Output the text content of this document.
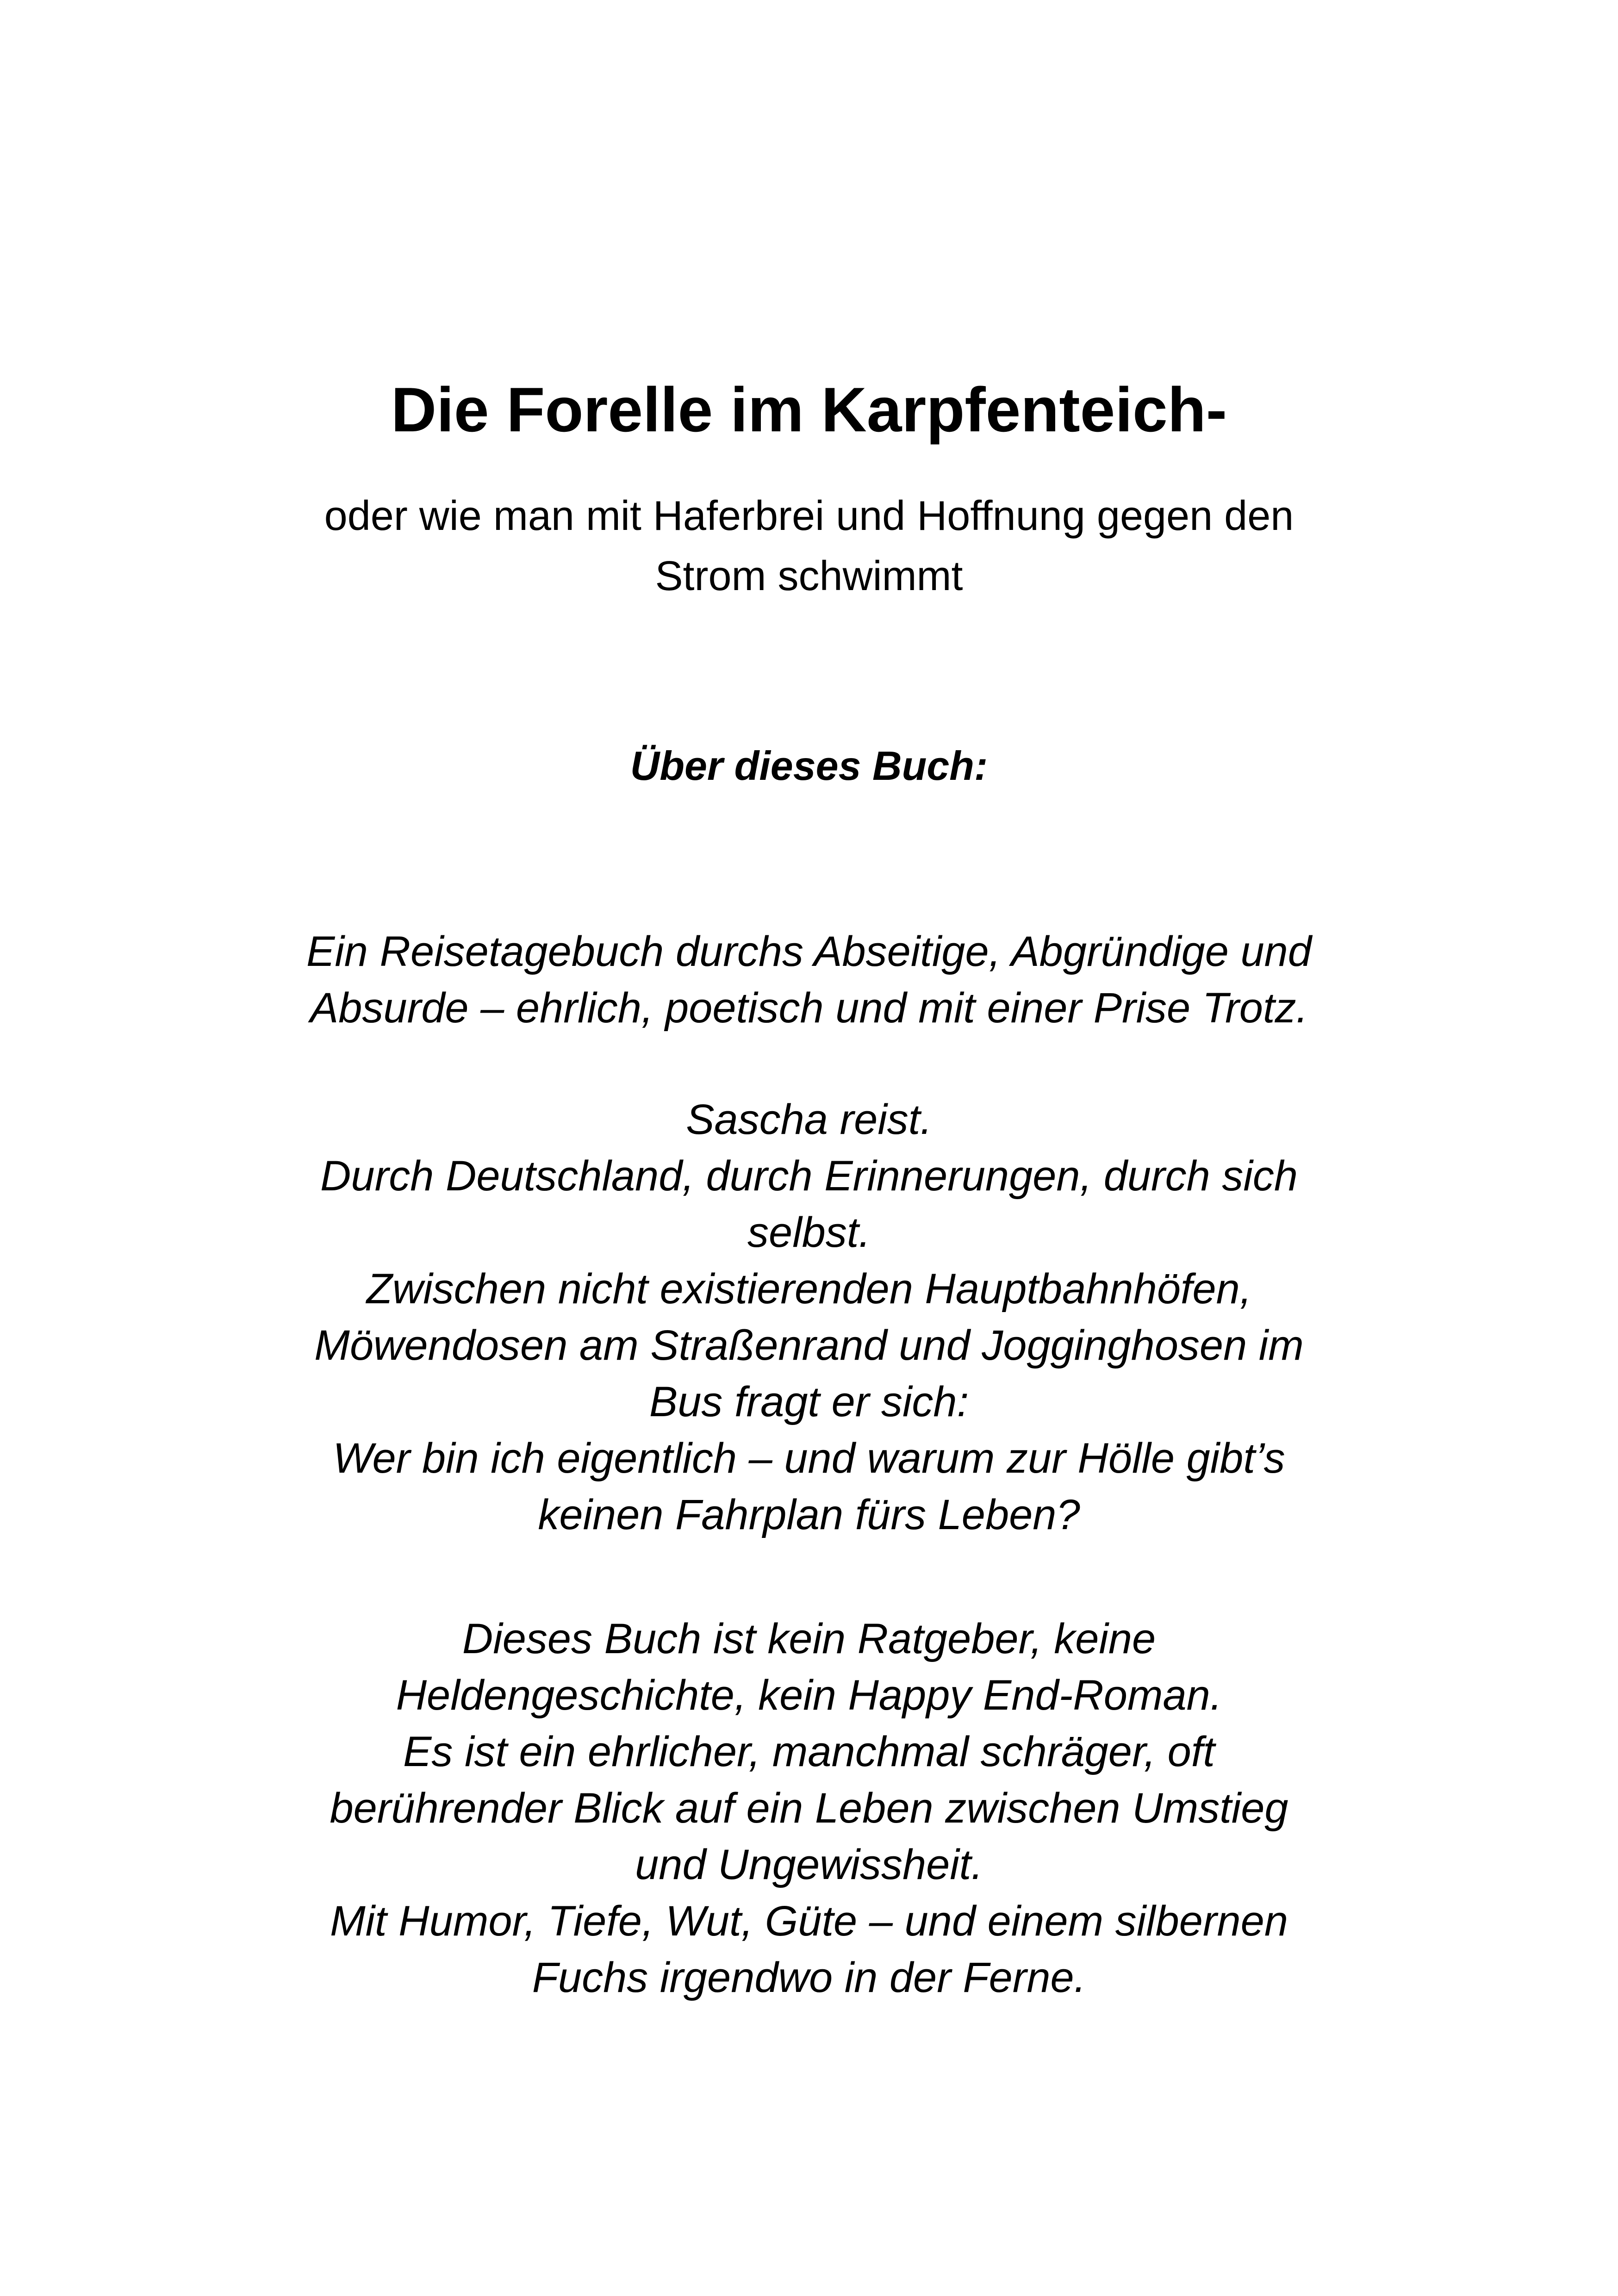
Die Forelle im Karpfenteich-
oder wie man mit Haferbrei und Hoffnung gegen den
Strom schwimmt
Über dieses Buch:
Ein Reisetagebuch durchs Abseitige, Abgründige und
Absurde – ehrlich, poetisch und mit einer Prise Trotz.
Sascha reist.
Durch Deutschland, durch Erinnerungen, durch sich
selbst.
Zwischen nicht existierenden Hauptbahnhöfen,
Möwendosen am Straßenrand und Jogginghosen im
Bus fragt er sich:
Wer bin ich eigentlich – und warum zur Hölle gibt’s
keinen Fahrplan fürs Leben?
Dieses Buch ist kein Ratgeber, keine
Heldengeschichte, kein Happy End-Roman.
Es ist ein ehrlicher, manchmal schräger, oft
berührender Blick auf ein Leben zwischen Umstieg
und Ungewissheit.
Mit Humor, Tiefe, Wut, Güte – und einem silbernen
Fuchs irgendwo in der Ferne.
